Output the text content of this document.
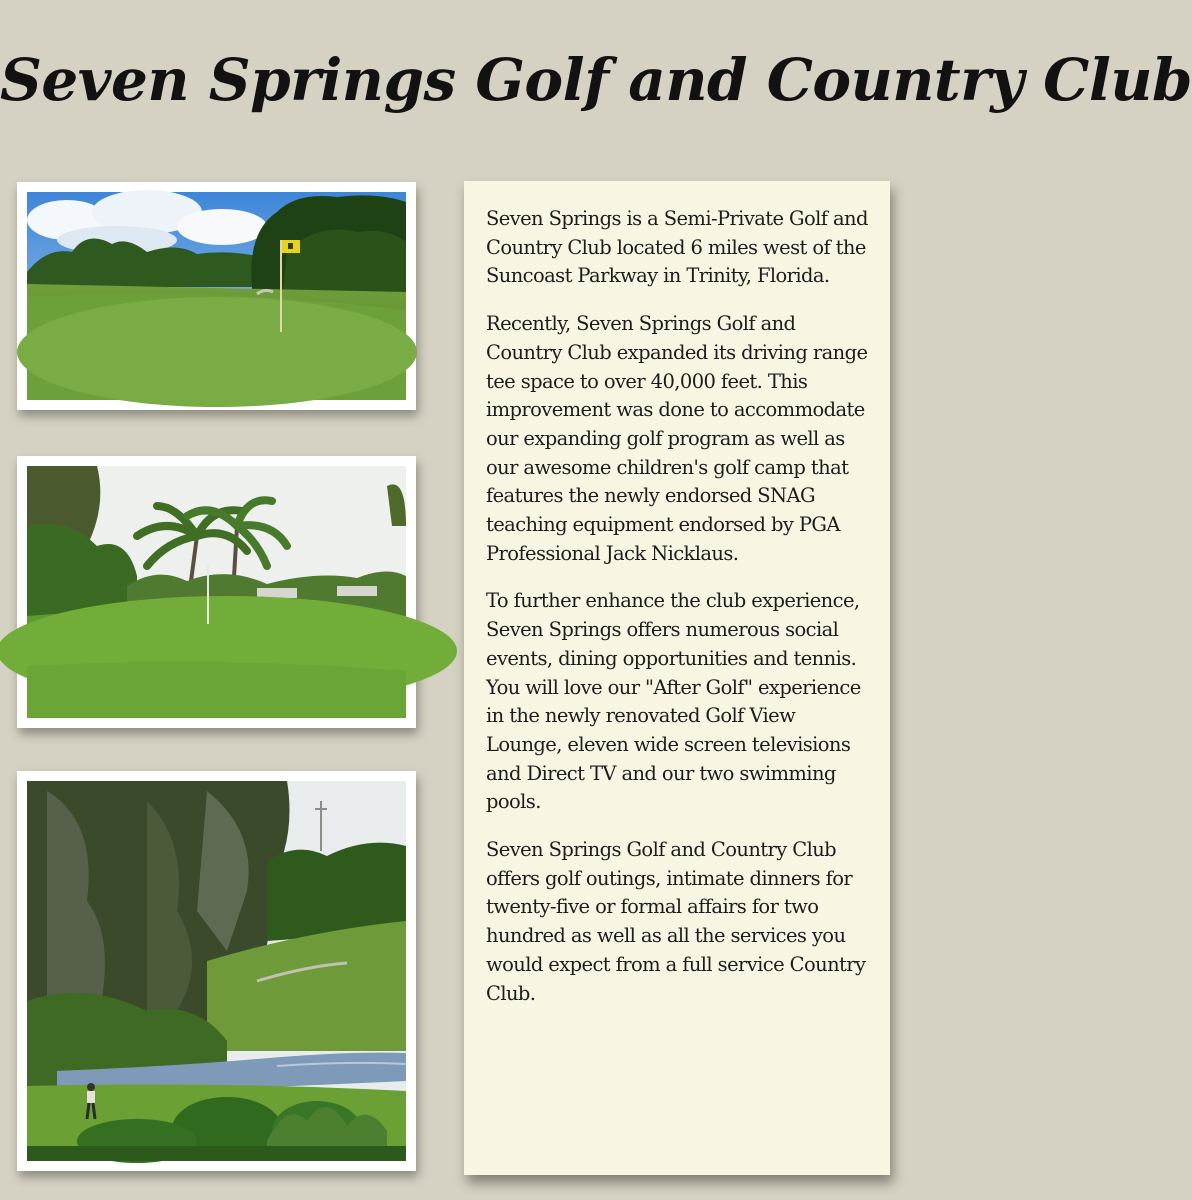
Seven Springs Golf and Country Club

Seven Springs is a Semi-Private Golf and Country Club located 6 miles west of the Suncoast Parkway in Trinity, Florida.

Recently, Seven Springs Golf and Country Club expanded its driving range tee space to over 40,000 feet. This improvement was done to accommodate our expanding golf program as well as our awesome children's golf camp that features the newly endorsed SNAG teaching equipment endorsed by PGA Professional Jack Nicklaus.

To further enhance the club experience, Seven Springs offers numerous social events, dining opportunities and tennis. You will love our "After Golf" experience in the newly renovated Golf View Lounge, eleven wide screen televisions and Direct TV and our two swimming pools.

Seven Springs Golf and Country Club offers golf outings, intimate dinners for twenty-five or formal affairs for two hundred as well as all the services you would expect from a full service Country Club.
